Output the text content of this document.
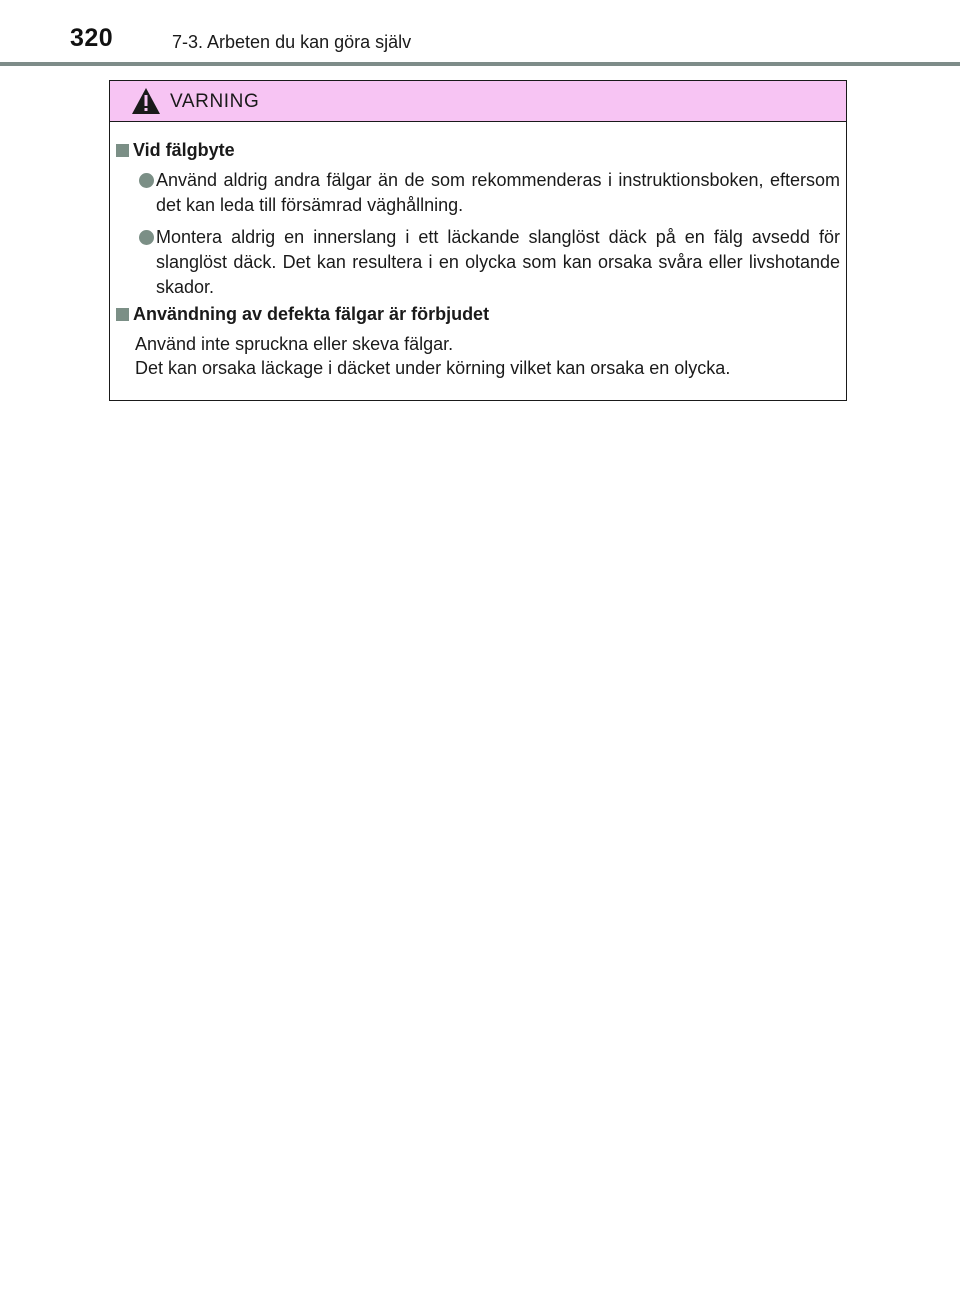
320	7-3. Arbeten du kan göra själv
VARNING
Vid fälgbyte
Använd aldrig andra fälgar än de som rekommenderas i instruktionsboken, eftersom det kan leda till försämrad väghållning.
Montera aldrig en innerslang i ett läckande slanglöst däck på en fälg avsedd för slanglöst däck. Det kan resultera i en olycka som kan orsaka svåra eller livshotande skador.
Användning av defekta fälgar är förbjudet
Använd inte spruckna eller skeva fälgar.
Det kan orsaka läckage i däcket under körning vilket kan orsaka en olycka.
